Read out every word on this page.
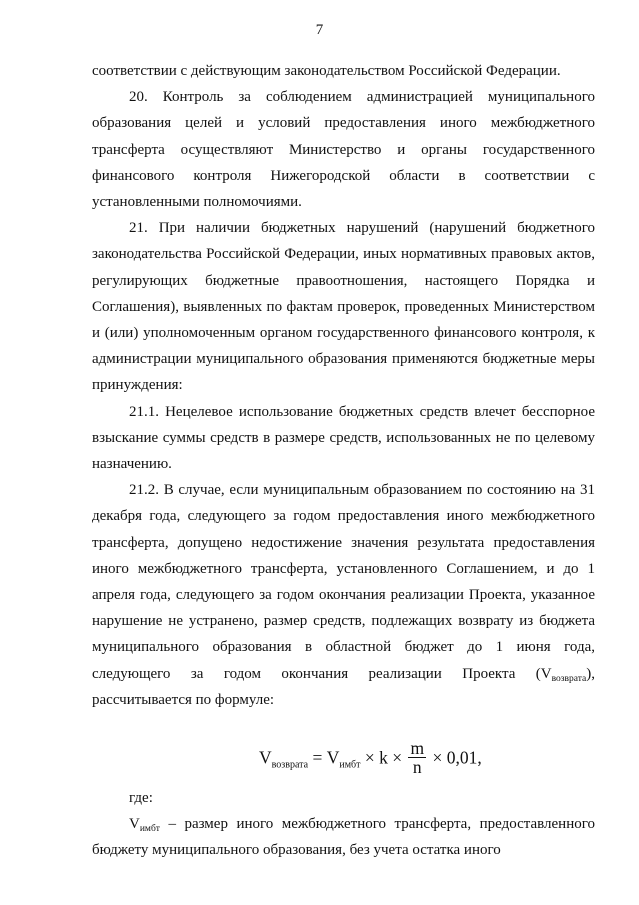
7

соответствии с действующим законодательством Российской Федерации.

20. Контроль за соблюдением администрацией муниципального образования целей и условий предоставления иного межбюджетного трансферта осуществляют Министерство и органы государственного финансового контроля Нижегородской области в соответствии с установленными полномочиями.

21. При наличии бюджетных нарушений (нарушений бюджетного законодательства Российской Федерации, иных нормативных правовых актов, регулирующих бюджетные правоотношения, настоящего Порядка и Соглашения), выявленных по фактам проверок, проведенных Министерством и (или) уполномоченным органом государственного финансового контроля, к администрации муниципального образования применяются бюджетные меры принуждения:

21.1. Нецелевое использование бюджетных средств влечет бесспорное взыскание суммы средств в размере средств, использованных не по целевому назначению.

21.2. В случае, если муниципальным образованием по состоянию на 31 декабря года, следующего за годом предоставления иного межбюджетного трансферта, допущено недостижение значения результата предоставления иного межбюджетного трансферта, установленного Соглашением, и до 1 апреля года, следующего за годом окончания реализации Проекта, указанное нарушение не устранено, размер средств, подлежащих возврату из бюджета муниципального образования в областной бюджет до 1 июня года, следующего за годом окончания реализации Проекта $(V_{возврата})$, рассчитывается по формуле:

$V_{возврата} = V_{имбт} \times k \times \frac{m}{n} \times 0,01$,

где:

$V_{имбт}$ – размер иного межбюджетного трансферта, предоставленного бюджету муниципального образования, без учета остатка иного
